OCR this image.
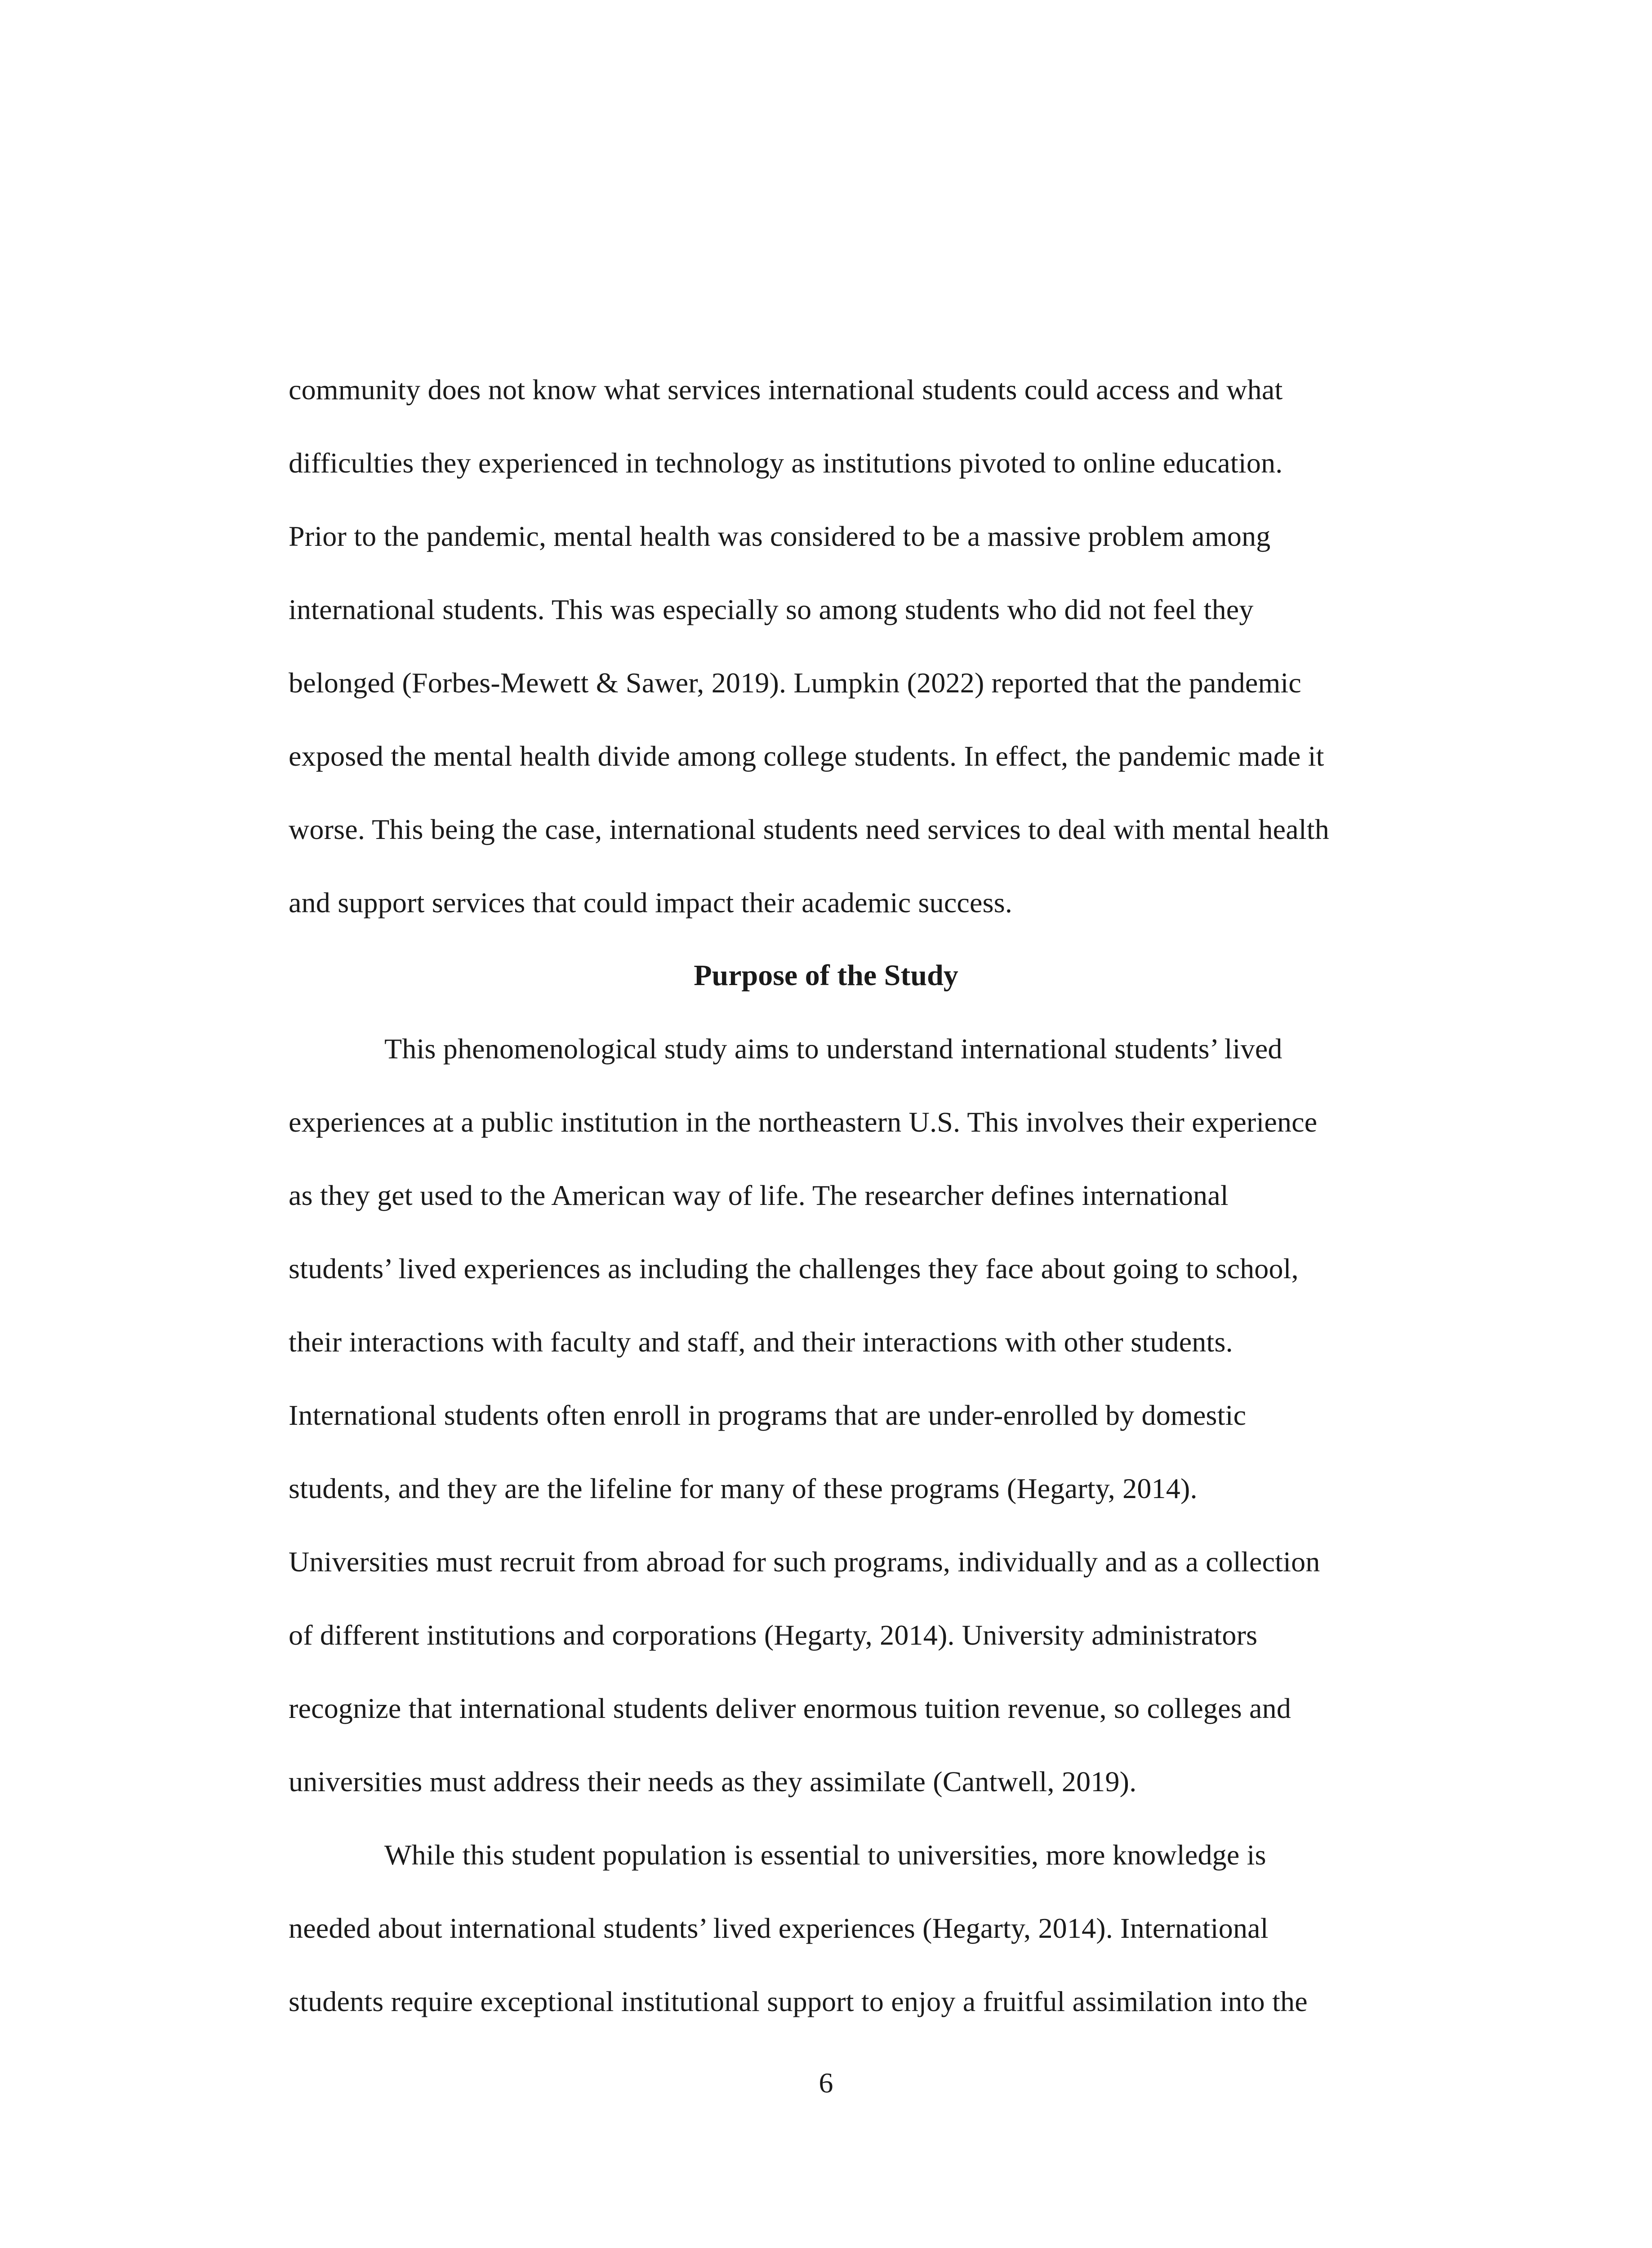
community does not know what services international students could access and what
difficulties they experienced in technology as institutions pivoted to online education.
Prior to the pandemic, mental health was considered to be a massive problem among
international students. This was especially so among students who did not feel they
belonged (Forbes-Mewett & Sawer, 2019). Lumpkin (2022) reported that the pandemic
exposed the mental health divide among college students. In effect, the pandemic made it
worse. This being the case, international students need services to deal with mental health
and support services that could impact their academic success.
Purpose of the Study
This phenomenological study aims to understand international students’ lived
experiences at a public institution in the northeastern U.S. This involves their experience
as they get used to the American way of life. The researcher defines international
students’ lived experiences as including the challenges they face about going to school,
their interactions with faculty and staff, and their interactions with other students.
International students often enroll in programs that are under-enrolled by domestic
students, and they are the lifeline for many of these programs (Hegarty, 2014).
Universities must recruit from abroad for such programs, individually and as a collection
of different institutions and corporations (Hegarty, 2014). University administrators
recognize that international students deliver enormous tuition revenue, so colleges and
universities must address their needs as they assimilate (Cantwell, 2019).
While this student population is essential to universities, more knowledge is
needed about international students’ lived experiences (Hegarty, 2014). International
students require exceptional institutional support to enjoy a fruitful assimilation into the
6
